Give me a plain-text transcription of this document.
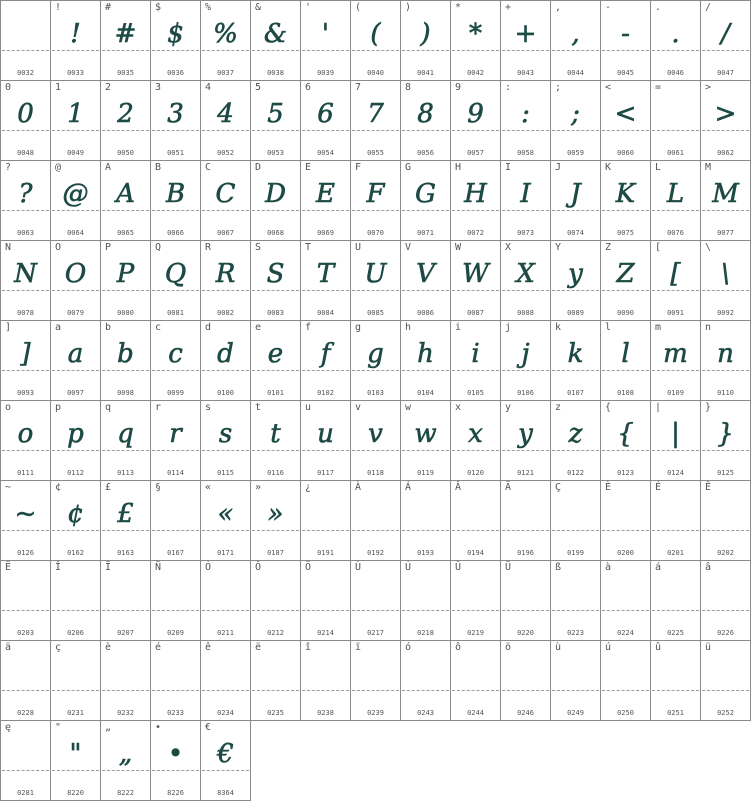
0032
!
!
0033
#
#
0035
$
$
0036
%
%
0037
&
&
0038
'
'
0039
(
(
0040
)
)
0041
*
*
0042
+
+
0043
,
,
0044
-
-
0045
.
.
0046
/
/
0047
0
0
0048
1
1
0049
2
2
0050
3
3
0051
4
4
0052
5
5
0053
6
6
0054
7
7
0055
8
8
0056
9
9
0057
:
:
0058
;
;
0059
<
<
0060
=
0061
>
>
0062
?
?
0063
@
@
0064
A
A
0065
B
B
0066
C
C
0067
D
D
0068
E
E
0069
F
F
0070
G
G
0071
H
H
0072
I
I
0073
J
J
0074
K
K
0075
L
L
0076
M
M
0077
N
N
0078
O
O
0079
P
P
0080
Q
Q
0081
R
R
0082
S
S
0083
T
T
0084
U
U
0085
V
V
0086
W
W
0087
X
X
0088
Y
y
0089
Z
Z
0090
[
[
0091
\
\
0092
]
]
0093
a
a
0097
b
b
0098
c
c
0099
d
d
0100
e
e
0101
f
f
0102
g
g
0103
h
h
0104
i
i
0105
j
j
0106
k
k
0107
l
l
0108
m
m
0109
n
n
0110
o
o
0111
p
p
0112
q
q
0113
r
r
0114
s
s
0115
t
t
0116
u
u
0117
v
v
0118
w
w
0119
x
x
0120
y
y
0121
z
z
0122
{
{
0123
|
|
0124
}
}
0125
~
~
0126
¢
¢
0162
£
£
0163
§
0167
«
«
0171
»
»
0187
¿
0191
À
0192
Á
0193
Â
0194
Ä
0196
Ç
0199
È
0200
É
0201
Ê
0202
Ë
0203
Î
0206
Ï
0207
Ñ
0209
Ó
0211
Ô
0212
Ö
0214
Ù
0217
Ú
0218
Û
0219
Ü
0220
ß
0223
à
0224
á
0225
â
0226
ä
0228
ç
0231
è
0232
é
0233
ê
0234
ë
0235
î
0238
ï
0239
ó
0243
ô
0244
ö
0246
ù
0249
ú
0250
û
0251
ü
0252
ę
0281
"
"
8220
„
„
8222
•
•
8226
€
€
8364
